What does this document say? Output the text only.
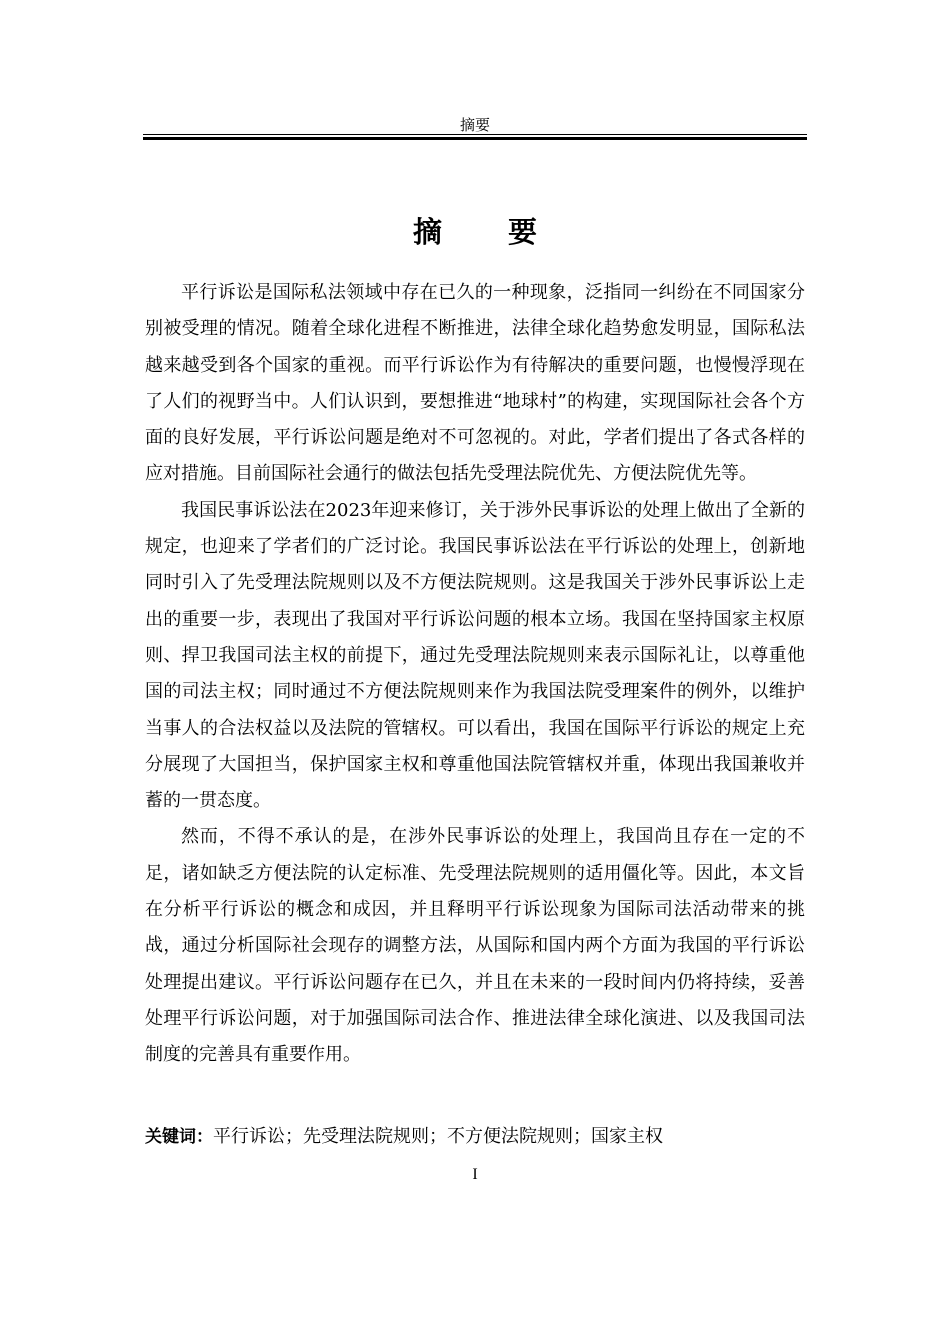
摘要
摘 要

平行诉讼是国际私法领域中存在已久的一种现象，泛指同一纠纷在不同国家分别被受理的情况。随着全球化进程不断推进，法律全球化趋势愈发明显，国际私法越来越受到各个国家的重视。而平行诉讼作为有待解决的重要问题，也慢慢浮现在了人们的视野当中。人们认识到，要想推进“地球村”的构建，实现国际社会各个方面的良好发展，平行诉讼问题是绝对不可忽视的。对此，学者们提出了各式各样的应对措施。目前国际社会通行的做法包括先受理法院优先、方便法院优先等。

我国民事诉讼法在2023年迎来修订，关于涉外民事诉讼的处理上做出了全新的规定，也迎来了学者们的广泛讨论。我国民事诉讼法在平行诉讼的处理上，创新地同时引入了先受理法院规则以及不方便法院规则。这是我国关于涉外民事诉讼上走出的重要一步，表现出了我国对平行诉讼问题的根本立场。我国在坚持国家主权原则、捍卫我国司法主权的前提下，通过先受理法院规则来表示国际礼让，以尊重他国的司法主权；同时通过不方便法院规则来作为我国法院受理案件的例外，以维护当事人的合法权益以及法院的管辖权。可以看出，我国在国际平行诉讼的规定上充分展现了大国担当，保护国家主权和尊重他国法院管辖权并重，体现出我国兼收并蓄的一贯态度。

然而，不得不承认的是，在涉外民事诉讼的处理上，我国尚且存在一定的不足，诸如缺乏方便法院的认定标准、先受理法院规则的适用僵化等。因此，本文旨在分析平行诉讼的概念和成因，并且释明平行诉讼现象为国际司法活动带来的挑战，通过分析国际社会现存的调整方法，从国际和国内两个方面为我国的平行诉讼处理提出建议。平行诉讼问题存在已久，并且在未来的一段时间内仍将持续，妥善处理平行诉讼问题，对于加强国际司法合作、推进法律全球化演进、以及我国司法制度的完善具有重要作用。

关键词：平行诉讼；先受理法院规则；不方便法院规则；国家主权
I
